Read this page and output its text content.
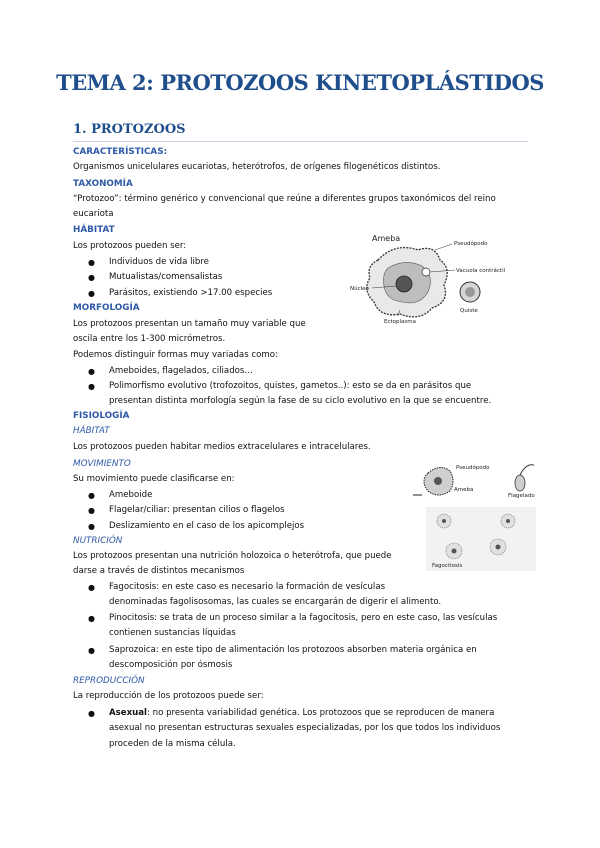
TEMA 2: PROTOZOOS KINETOPLÁSTIDOS
1. PROTOZOOS
CARACTERÍSTICAS:
Organismos unicelulares eucariotas, heterótrofos, de orígenes filogenéticos distintos.
TAXONOMÍA
“Protozoo”: término genérico y convencional que reúne a diferentes grupos taxonómicos del reino
eucariota
HÁBITAT
Los protozoos pueden ser:
● Individuos de vida libre
● Mutualistas/comensalistas
● Parásitos, existiendo >17.00 especies
MORFOLOGÍA
Los protozoos presentan un tamaño muy variable que
oscila entre los 1-300 micrómetros.
Podemos distinguir formas muy variadas como:
● Ameboides, flagelados, ciliados…
● Polimorfismo evolutivo (trofozoitos, quistes, gametos..): esto se da en parásitos que
presentan distinta morfología según la fase de su ciclo evolutivo en la que se encuentre.
FISIOLOGÍA
HÁBITAT
Los protozoos pueden habitar medios extracelulares e intracelulares.
MOVIMIENTO
Su movimiento puede clasificarse en:
● Ameboide
● Flagelar/ciliar: presentan cilios o flagelos
● Deslizamiento en el caso de los apicomplejos
NUTRICIÓN
Los protozoos presentan una nutrición holozoica o heterótrofa, que puede
darse a través de distintos mecanismos
● Fagocitosis: en este caso es necesario la formación de vesículas
denominadas fagolisosomas, las cuales se encargarán de digerir el alimento.
● Pinocitosis: se trata de un proceso similar a la fagocitosis, pero en este caso, las vesículas
contienen sustancias líquidas
● Saprozoica: en este tipo de alimentación los protozoos absorben materia orgánica en
descomposición por ósmosis
REPRODUCCIÓN
La reproducción de los protozoos puede ser:
● Asexual: no presenta variabilidad genética. Los protozoos que se reproducen de manera
asexual no presentan estructuras sexuales especializadas, por los que todos los individuos
proceden de la misma célula.
Ameba
Pseudópodo
Vacuola contráctil
Núcleo
Ectoplasma
Quiste
Pseudópodo
Ameba
Flagelado
Fagocitosis
